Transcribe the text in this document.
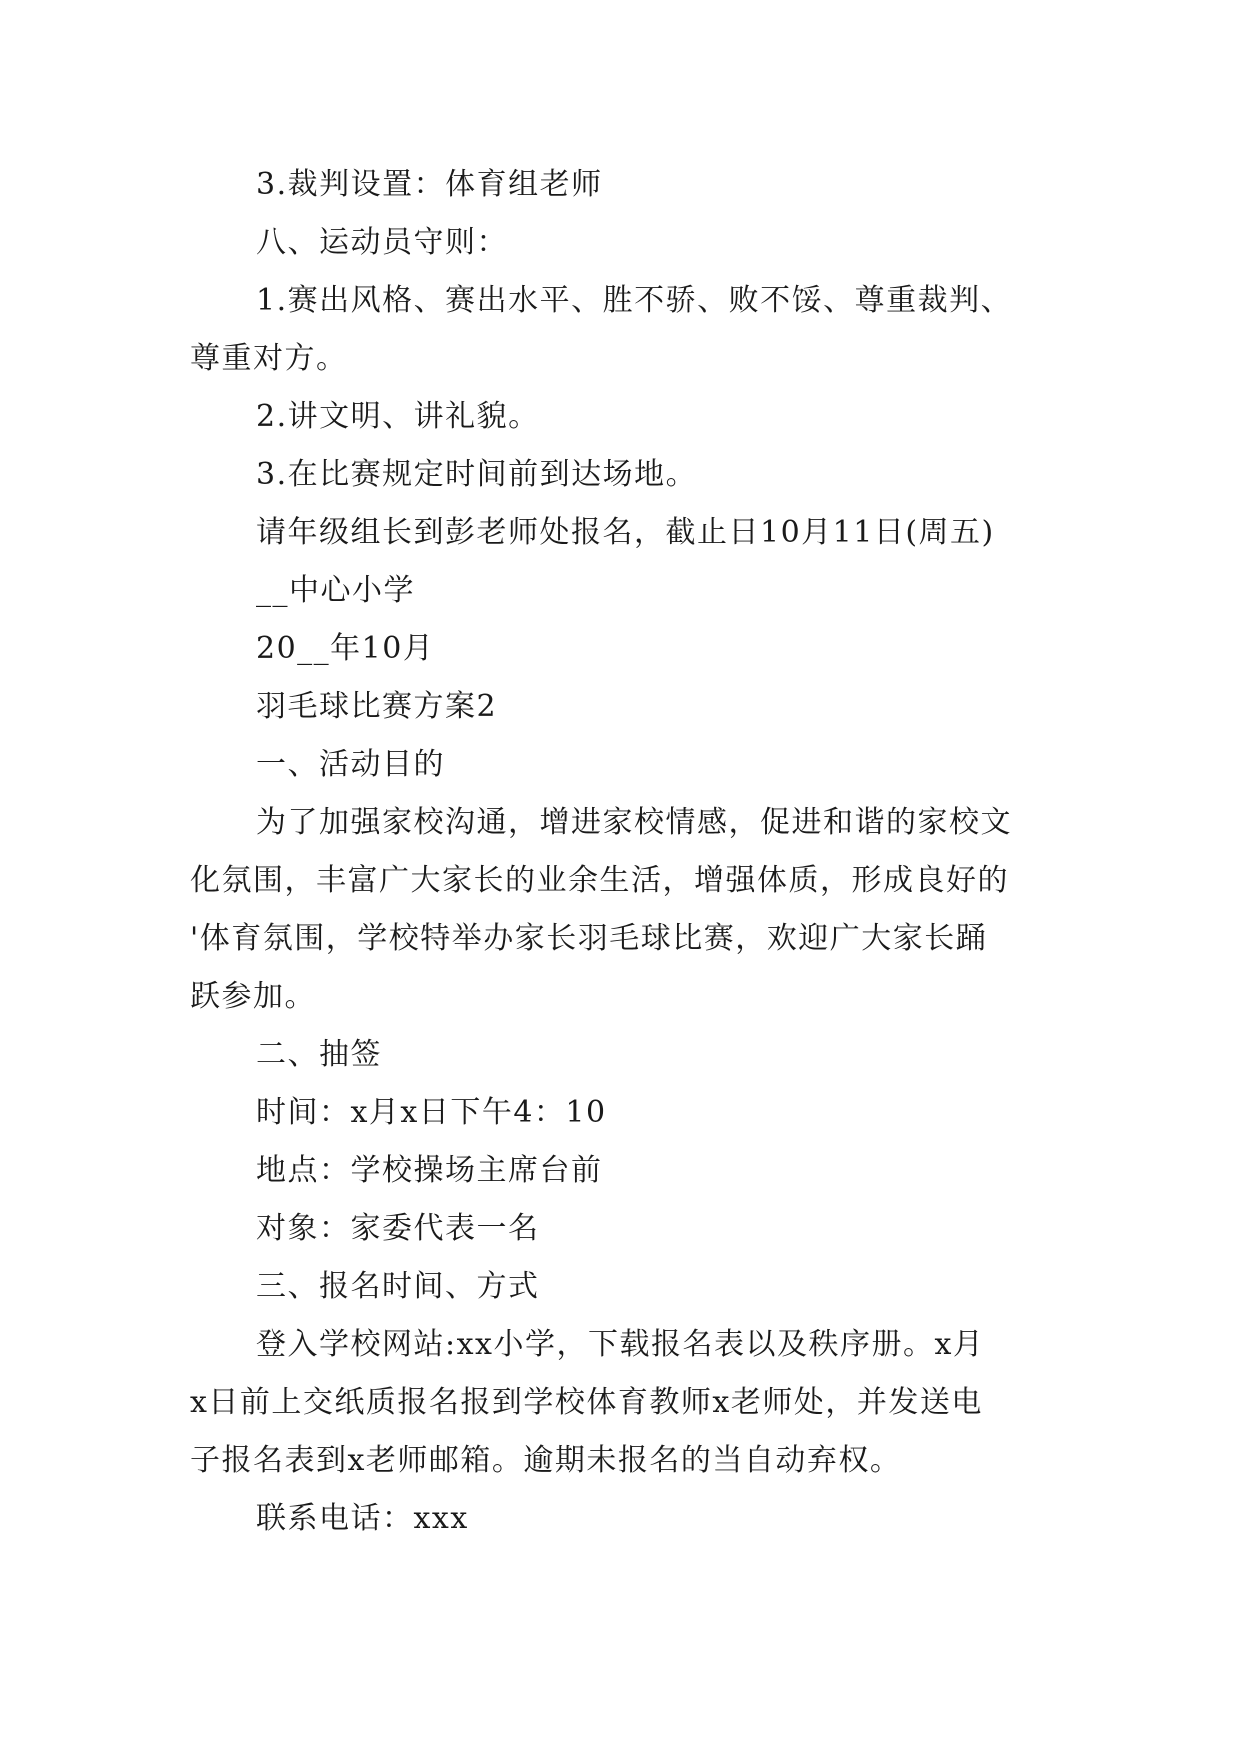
3.裁判设置：体育组老师
八、运动员守则：
1.赛出风格、赛出水平、胜不骄、败不馁、尊重裁判、
尊重对方。
2.讲文明、讲礼貌。
3.在比赛规定时间前到达场地。
请年级组长到彭老师处报名，截止日10月11日(周五)
__中心小学
20__年10月
羽毛球比赛方案2
一、活动目的
为了加强家校沟通，增进家校情感，促进和谐的家校文
化氛围，丰富广大家长的业余生活，增强体质，形成良好的
'体育氛围，学校特举办家长羽毛球比赛，欢迎广大家长踊
跃参加。
二、抽签
时间：x月x日下午4：10
地点：学校操场主席台前
对象：家委代表一名
三、报名时间、方式
登入学校网站:xx小学，下载报名表以及秩序册。x月
x日前上交纸质报名报到学校体育教师x老师处，并发送电
子报名表到x老师邮箱。逾期未报名的当自动弃权。
联系电话：xxx
